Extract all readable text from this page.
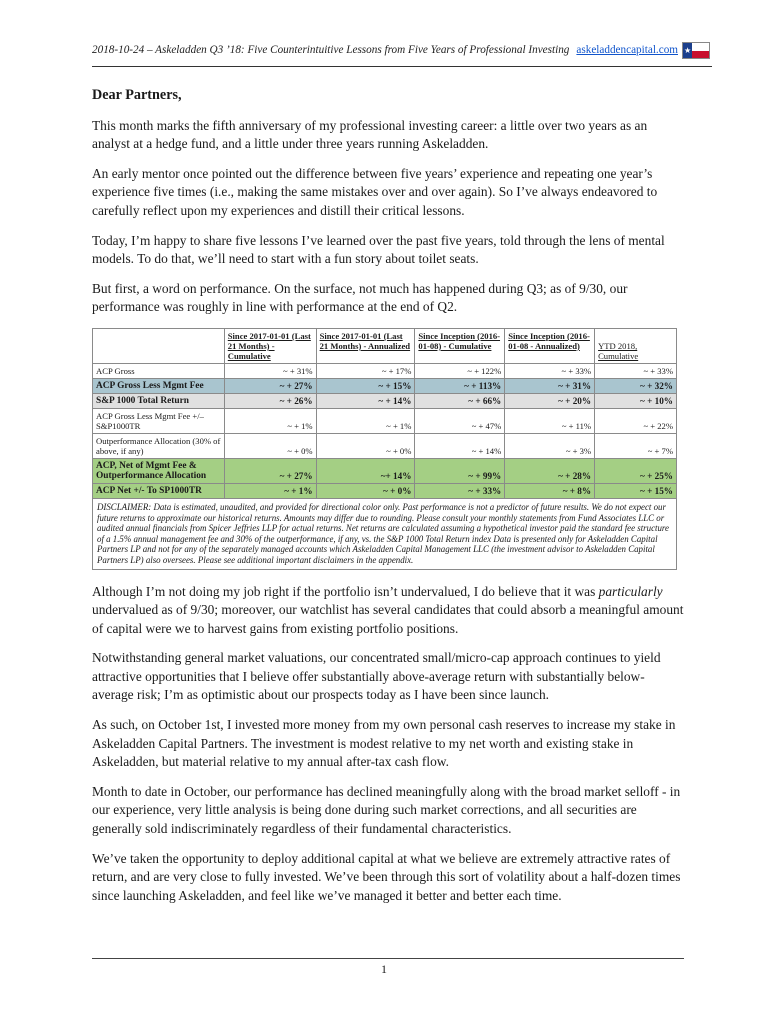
2018-10-24 – Askeladden Q3 ’18: Five Counterintuitive Lessons from Five Years of Professional Investing askeladdencapital.com ★
Dear Partners,

This month marks the fifth anniversary of my professional investing career: a little over two years as an analyst at a hedge fund, and a little under three years running Askeladden.

An early mentor once pointed out the difference between five years’ experience and repeating one year’s experience five times (i.e., making the same mistakes over and over again). So I’ve always endeavored to carefully reflect upon my experiences and distill their critical lessons.

Today, I’m happy to share five lessons I’ve learned over the past five years, told through the lens of mental models. To do that, we’ll need to start with a fun story about toilet seats.

But first, a word on performance. On the surface, not much has happened during Q3; as of 9/30, our performance was roughly in line with performance at the end of Q2.

	Since 2017-01-01 (Last 21 Months) - Cumulative	Since 2017-01-01 (Last 21 Months) - Annualized	Since Inception (2016-01-08) - Cumulative	Since Inception (2016-01-08 - Annualized)	YTD 2018, Cumulative
ACP Gross	~ + 31%	~ + 17%	~ + 122%	~ + 33%	~ + 33%
ACP Gross Less Mgmt Fee	~ + 27%	~ + 15%	~ + 113%	~ + 31%	~ + 32%
S&P 1000 Total Return	~ + 26%	~ + 14%	~ + 66%	~ + 20%	~ + 10%
ACP Gross Less Mgmt Fee +/– S&P1000TR	~ + 1%	~ + 1%	~ + 47%	~ + 11%	~ + 22%
Outperformance Allocation (30% of above, if any)	~ + 0%	~ + 0%	~ + 14%	~ + 3%	~ + 7%
ACP, Net of Mgmt Fee & Outperformance Allocation	~ + 27%	~+ 14%	~ + 99%	~ + 28%	~ + 25%
ACP Net +/- To SP1000TR	~ + 1%	~ + 0%	~ + 33%	~ + 8%	~ + 15%
DISCLAIMER: Data is estimated, unaudited, and provided for directional color only. Past performance is not a predictor of future results. We do not expect our future returns to approximate our historical returns. Amounts may differ due to rounding. Please consult your monthly statements from Fund Associates LLC or audited annual financials from Spicer Jeffries LLP for actual returns. Net returns are calculated assuming a hypothetical investor paid the standard fee structure of a 1.5% annual management fee and 30% of the outperformance, if any, vs. the S&P 1000 Total Return index Data is presented only for Askeladden Capital Partners LP and not for any of the separately managed accounts which Askeladden Capital Management LLC (the investment advisor to Askeladden Capital Partners LP) also oversees. Please see additional important disclaimers in the appendix.					

Although I’m not doing my job right if the portfolio isn’t undervalued, I do believe that it was particularly undervalued as of 9/30; moreover, our watchlist has several candidates that could absorb a meaningful amount of capital were we to harvest gains from existing portfolio positions.

Notwithstanding general market valuations, our concentrated small/micro-cap approach continues to yield attractive opportunities that I believe offer substantially above-average return with substantially below-average risk; I’m as optimistic about our prospects today as I have been since launch.

As such, on October 1st, I invested more money from my own personal cash reserves to increase my stake in Askeladden Capital Partners. The investment is modest relative to my net worth and existing stake in Askeladden, but material relative to my annual after-tax cash flow.

Month to date in October, our performance has declined meaningfully along with the broad market selloff - in our experience, very little analysis is being done during such market corrections, and all securities are generally sold indiscriminately regardless of their fundamental characteristics.

We’ve taken the opportunity to deploy additional capital at what we believe are extremely attractive rates of return, and are very close to fully invested. We’ve been through this sort of volatility about a half-dozen times since launching Askeladden, and feel like we’ve managed it better and better each time.

1
